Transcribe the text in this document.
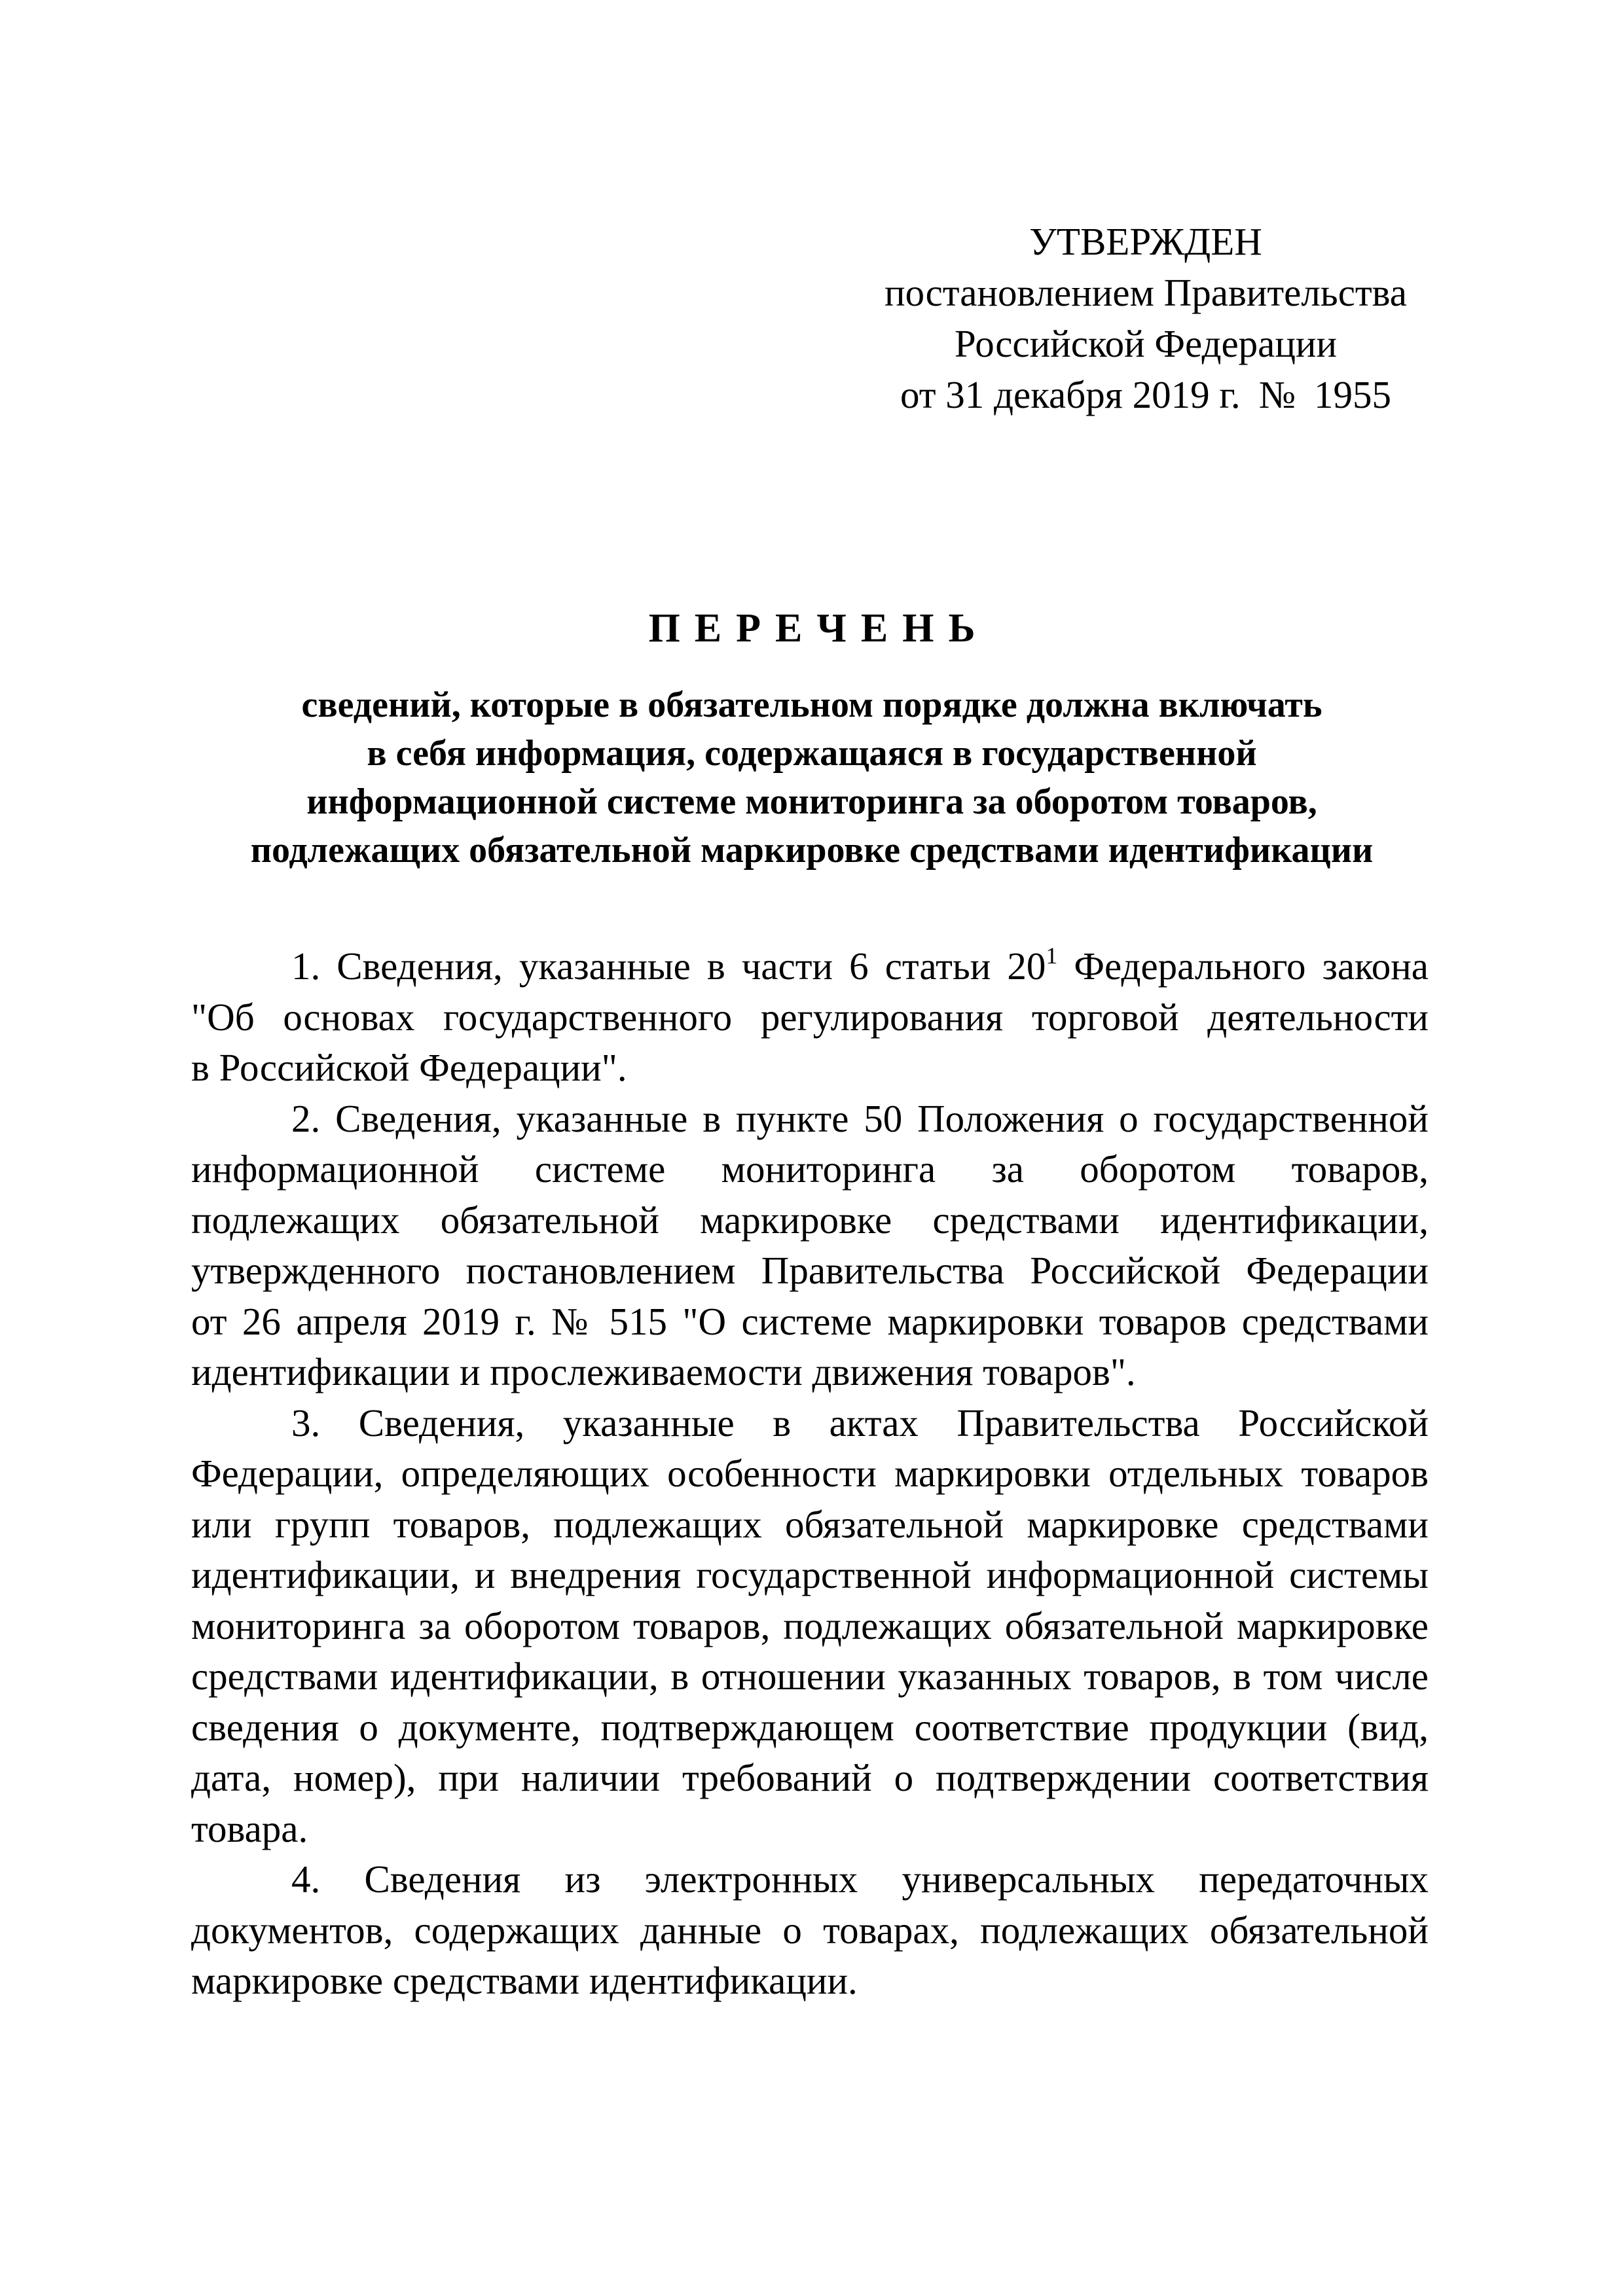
УТВЕРЖДЕН
постановлением Правительства
Российской Федерации
от 31 декабря 2019 г. № 1955
ПЕРЕЧЕНЬ
сведений, которые в обязательном порядке должна включать
в себя информация, содержащаяся в государственной
информационной системе мониторинга за оборотом товаров,
подлежащих обязательной маркировке средствами идентификации
1. Сведения, указанные в части 6 статьи $20^1$ Федерального закона
"Об основах государственного регулирования торговой деятельности
в Российской Федерации".
2. Сведения, указанные в пункте 50 Положения о государственной
информационной системе мониторинга за оборотом товаров,
подлежащих обязательной маркировке средствами идентификации,
утвержденного постановлением Правительства Российской Федерации
от 26 апреля 2019 г. № 515 "О системе маркировки товаров средствами
идентификации и прослеживаемости движения товаров".
3. Сведения, указанные в актах Правительства Российской
Федерации, определяющих особенности маркировки отдельных товаров
или групп товаров, подлежащих обязательной маркировке средствами
идентификации, и внедрения государственной информационной системы
мониторинга за оборотом товаров, подлежащих обязательной маркировке
средствами идентификации, в отношении указанных товаров, в том числе
сведения о документе, подтверждающем соответствие продукции (вид,
дата, номер), при наличии требований о подтверждении соответствия
товара.
4. Сведения из электронных универсальных передаточных
документов, содержащих данные о товарах, подлежащих обязательной
маркировке средствами идентификации.
